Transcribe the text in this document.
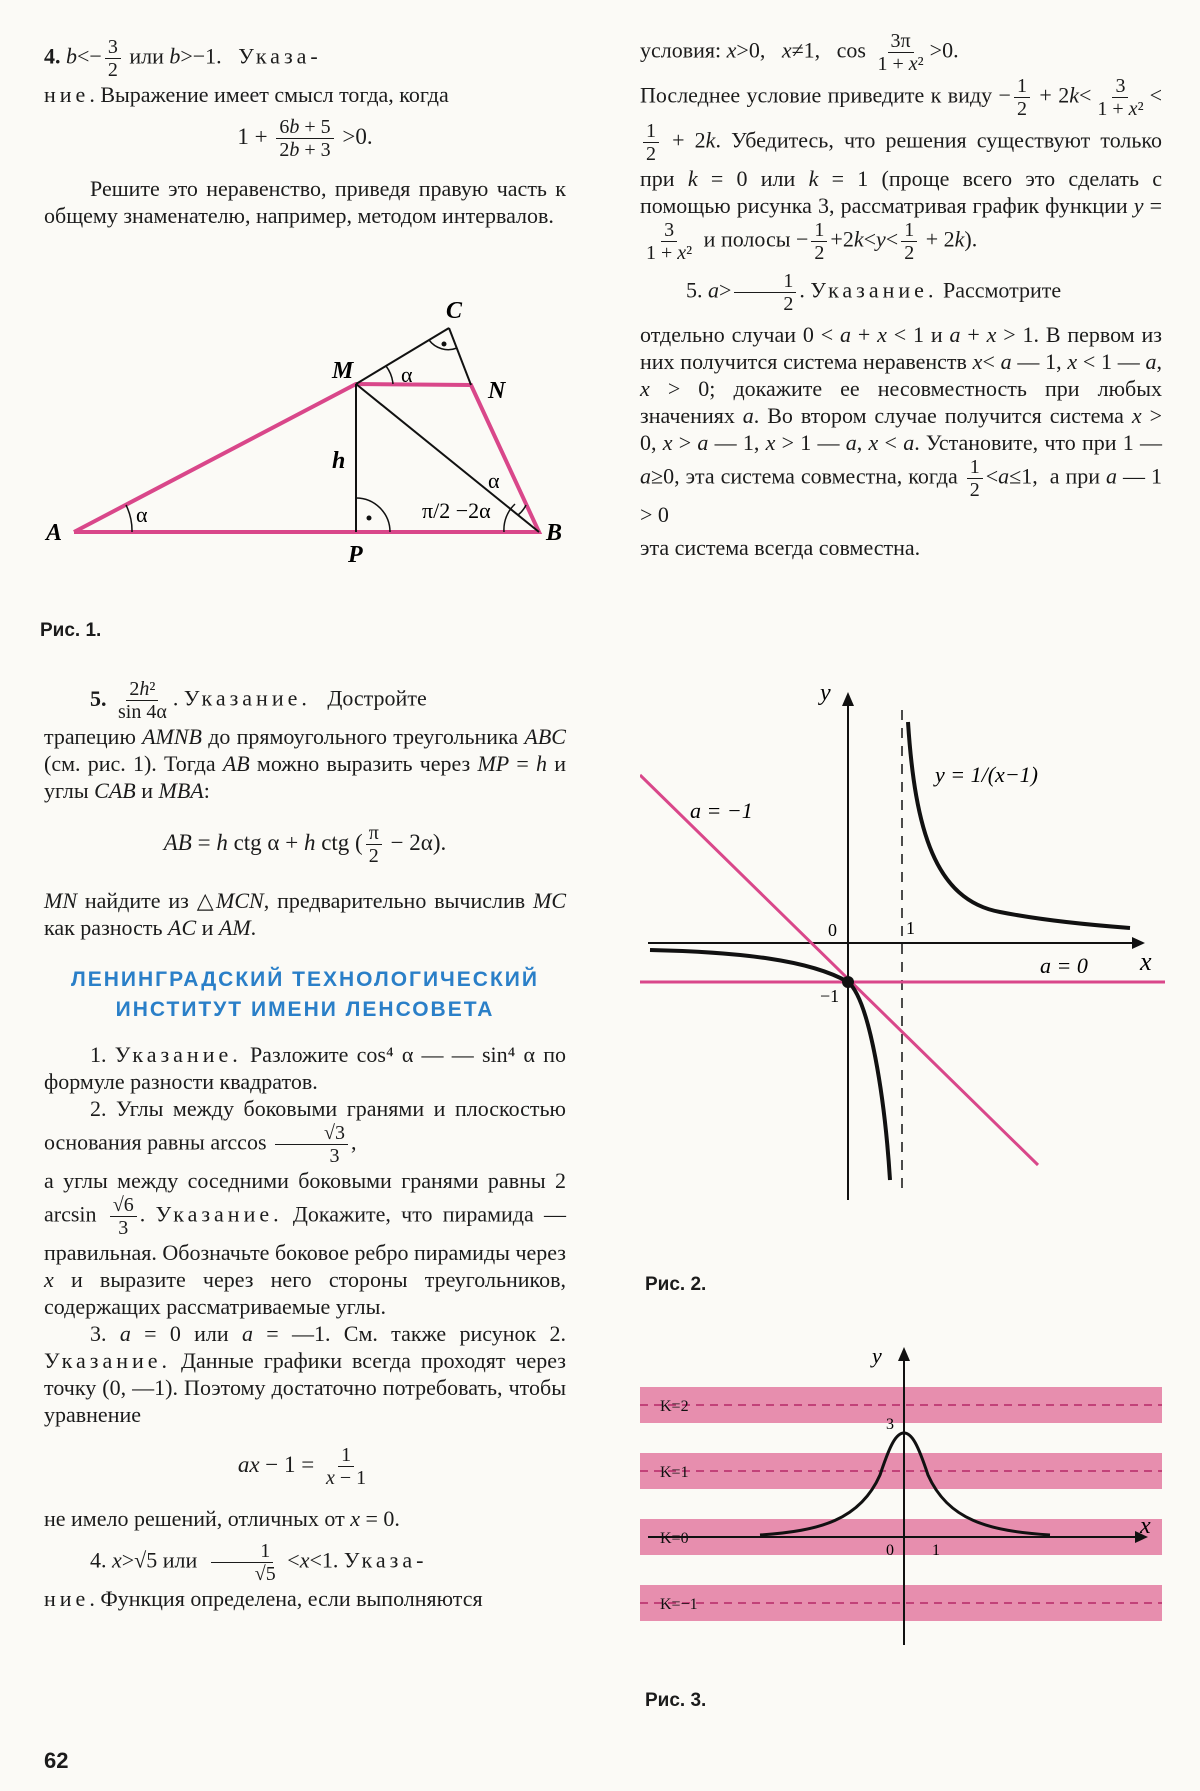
4. $b<- \frac{3}{2}$ или b>−1.   Указа-

ние. Выражение имеет смысл тогда, когда

$1 + \frac{6b + 5}{2b + 3} >0$.

Решите это неравенство, приведя правую часть к общему знаменателю, например, методом интервалов.

A	B
C
M
N
P
h
α
α
α
π/2 −2α
Рис. 1.

5. $\frac{\text{2h²}}{\sin 4\alpha}$ . Указание.   Достройте

трапецию AMNB до прямоугольного треугольника ABC (см. рис. 1). Тогда AB можно выразить через MP = h и углы CAB и MBA:

AB = h ctg α + h ctg ( $\frac{\pi}{2} - 2\alpha$).

MN найдите из △MCN, предварительно вычислив MC как разность AC и AM.

ЛЕНИНГРАДСКИЙ ТЕХНОЛОГИЧЕСКИЙ ИНСТИТУТ ИМЕНИ ЛЕНСОВЕТА

1. Указание. Разложите cos⁴ α — — sin⁴ α по формуле разности квадратов.

2. Углы между боковыми гранями и плоскостью основания равны $\arccos \frac{√3}{3}$ ,

а углы между соседними боковыми гранями равны 2 $\arcsin \frac{√6}{3}$ . Указание. Докажите, что пирамида — правильная. Обозначьте боковое ребро пирамиды через x и выразите через него стороны треугольников, содержащих рассматриваемые углы.

3. a = 0 или a = —1. См. также рисунок 2. Указание. Данные графики всегда проходят через точку (0, —1). Поэтому достаточно потребовать, чтобы уравнение

ax − $1 = \frac{1}{x - 1}$

не имело решений, отличных от x = 0.

4. x>√5 или $\frac{1}{√5} <x<1$. Указа-

ние. Функция определена, если выполняются

62

условия: x>0,   x≠1,   $\cos \frac{3\pi}{\text{1 + x²}} >0$.

Последнее условие приведите к виду − $\frac{1}{2} + 2k< \frac{3}{\text{1 + x²}}$ <
$\frac{1}{2} + 2k$. Убедитесь, что решения существуют только при k = 0 или k = 1 (проще всего это сделать с помощью рисунка 3, рассматривая график функции y =
$\frac{3}{\text{1 + x²}}$ и полосы − $\frac{1}{2} +2k<y< \frac{1}{2} + 2k$).

5. $a> \frac{1}{2}$ . Указание. Рассмотрите

отдельно случаи 0 < a + x < 1 и a + x > 1. В первом из них получится система неравенств x< a — 1, x < 1 — a, x > 0; докажите ее несовместность при любых значениях a. Во втором случае получится система x > 0, x > a — 1, x > 1 — a, x < a. Установите, что при 1 — a≥0, эта система совместна, когда $\frac{1}{2} <a\le 1$,  а при a — 1 > 0

эта система всегда совместна.

y
x
y = 1/(x−1)
a = −1
a = 0
0	1
−1
Рис. 2.
y
x
3
0 1
K=2
K=1
K=0
K=−1
Рис. 3.
